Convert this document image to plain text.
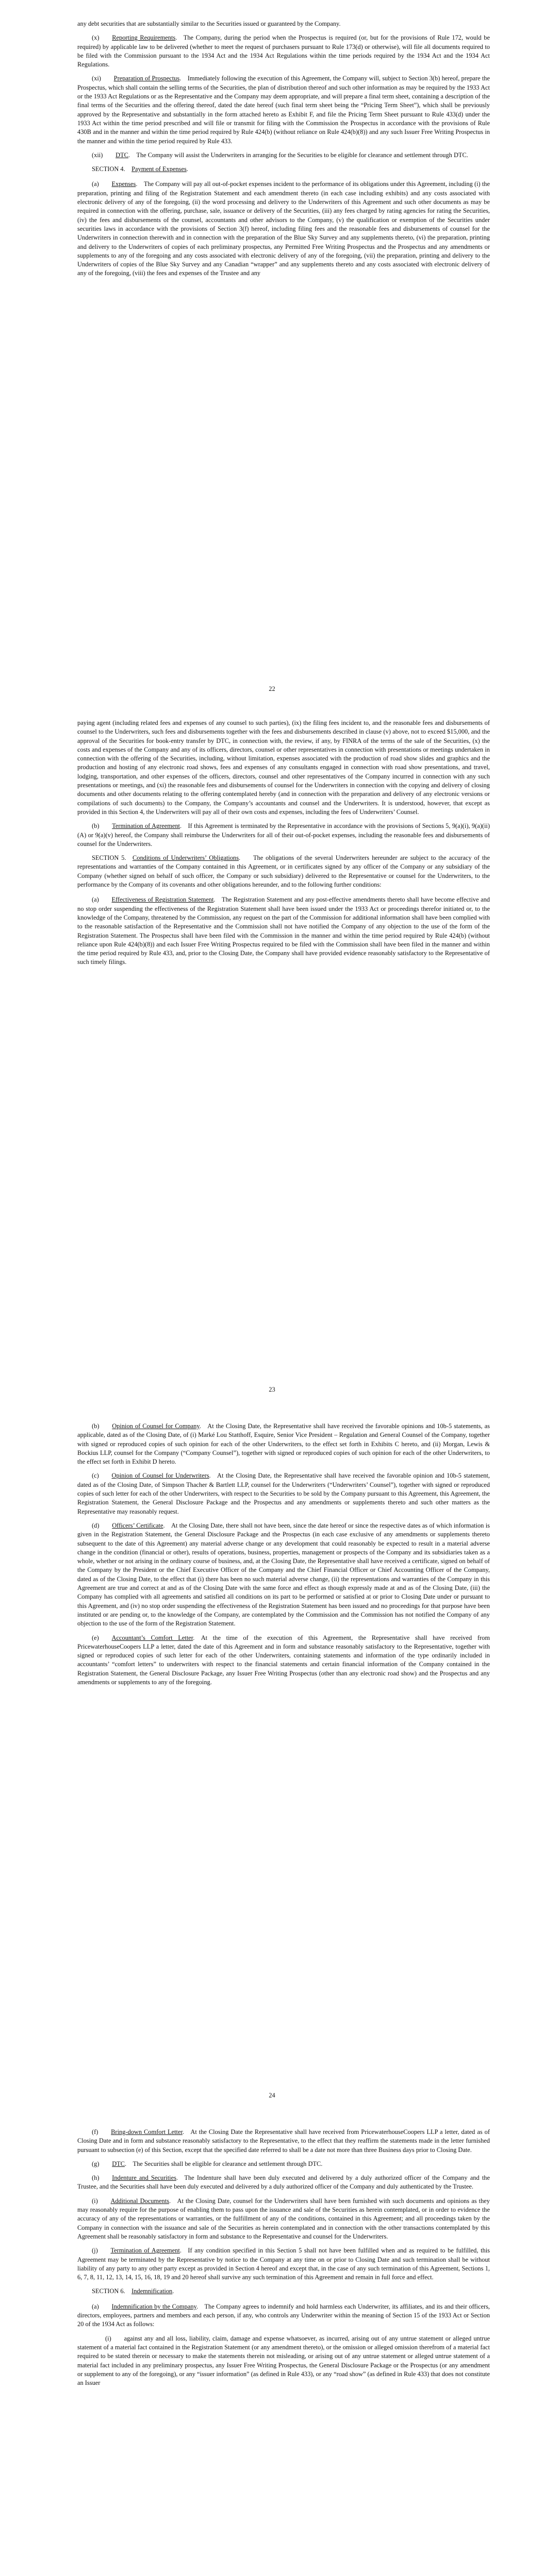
any debt securities that are substantially similar to the Securities issued or guaranteed by the Company.

(x)   Reporting Requirements. The Company, during the period when the Prospectus is required (or, but for the provisions of Rule 172, would be required) by applicable law to be delivered (whether to meet the request of purchasers pursuant to Rule 173(d) or otherwise), will file all documents required to be filed with the Commission pursuant to the 1934 Act and the 1934 Act Regulations within the time periods required by the 1934 Act and the 1934 Act Regulations.

(xi)   Preparation of Prospectus. Immediately following the execution of this Agreement, the Company will, subject to Section 3(b) hereof, prepare the Prospectus, which shall contain the selling terms of the Securities, the plan of distribution thereof and such other information as may be required by the 1933 Act or the 1933 Act Regulations or as the Representative and the Company may deem appropriate, and will prepare a final term sheet, containing a description of the final terms of the Securities and the offering thereof, dated the date hereof (such final term sheet being the “Pricing Term Sheet”), which shall be previously approved by the Representative and substantially in the form attached hereto as Exhibit F, and file the Pricing Term Sheet pursuant to Rule 433(d) under the 1933 Act within the time period prescribed and will file or transmit for filing with the Commission the Prospectus in accordance with the provisions of Rule 430B and in the manner and within the time period required by Rule 424(b) (without reliance on Rule 424(b)(8)) and any such Issuer Free Writing Prospectus in the manner and within the time period required by Rule 433.

(xii)   DTC. The Company will assist the Underwriters in arranging for the Securities to be eligible for clearance and settlement through DTC.

SECTION 4.  Payment of Expenses.

(a)   Expenses. The Company will pay all out-of-pocket expenses incident to the performance of its obligations under this Agreement, including (i) the preparation, printing and filing of the Registration Statement and each amendment thereto (in each case including exhibits) and any costs associated with electronic delivery of any of the foregoing, (ii) the word processing and delivery to the Underwriters of this Agreement and such other documents as may be required in connection with the offering, purchase, sale, issuance or delivery of the Securities, (iii) any fees charged by rating agencies for rating the Securities, (iv) the fees and disbursements of the counsel, accountants and other advisors to the Company, (v) the qualification or exemption of the Securities under securities laws in accordance with the provisions of Section 3(f) hereof, including filing fees and the reasonable fees and disbursements of counsel for the Underwriters in connection therewith and in connection with the preparation of the Blue Sky Survey and any supplements thereto, (vi) the preparation, printing and delivery to the Underwriters of copies of each preliminary prospectus, any Permitted Free Writing Prospectus and the Prospectus and any amendments or supplements to any of the foregoing and any costs associated with electronic delivery of any of the foregoing, (vii) the preparation, printing and delivery to the Underwriters of copies of the Blue Sky Survey and any Canadian “wrapper” and any supplements thereto and any costs associated with electronic delivery of any of the foregoing, (viii) the fees and expenses of the Trustee and any

22

paying agent (including related fees and expenses of any counsel to such parties), (ix) the filing fees incident to, and the reasonable fees and disbursements of counsel to the Underwriters, such fees and disbursements together with the fees and disbursements described in clause (v) above, not to exceed $15,000, and the approval of the Securities for book-entry transfer by DTC, in connection with, the review, if any, by FINRA of the terms of the sale of the Securities, (x) the costs and expenses of the Company and any of its officers, directors, counsel or other representatives in connection with presentations or meetings undertaken in connection with the offering of the Securities, including, without limitation, expenses associated with the production of road show slides and graphics and the production and hosting of any electronic road shows, fees and expenses of any consultants engaged in connection with road show presentations, and travel, lodging, transportation, and other expenses of the officers, directors, counsel and other representatives of the Company incurred in connection with any such presentations or meetings, and (xi) the reasonable fees and disbursements of counsel for the Underwriters in connection with the copying and delivery of closing documents and other documents relating to the offering contemplated hereby (and in connection with the preparation and delivery of any electronic versions or compilations of such documents) to the Company, the Company’s accountants and counsel and the Underwriters. It is understood, however, that except as provided in this Section 4, the Underwriters will pay all of their own costs and expenses, including the fees of Underwriters’ Counsel.

(b)   Termination of Agreement. If this Agreement is terminated by the Representative in accordance with the provisions of Sections 5, 9(a)(i), 9(a)(ii)(A) or 9(a)(v) hereof, the Company shall reimburse the Underwriters for all of their out-of-pocket expenses, including the reasonable fees and disbursements of counsel for the Underwriters.

SECTION 5.  Conditions of Underwriters’ Obligations.   The obligations of the several Underwriters hereunder are subject to the accuracy of the representations and warranties of the Company contained in this Agreement, or in certificates signed by any officer of the Company or any subsidiary of the Company (whether signed on behalf of such officer, the Company or such subsidiary) delivered to the Representative or counsel for the Underwriters, to the performance by the Company of its covenants and other obligations hereunder, and to the following further conditions:

(a)   Effectiveness of Registration Statement. The Registration Statement and any post-effective amendments thereto shall have become effective and no stop order suspending the effectiveness of the Registration Statement shall have been issued under the 1933 Act or proceedings therefor initiated or, to the knowledge of the Company, threatened by the Commission, any request on the part of the Commission for additional information shall have been complied with to the reasonable satisfaction of the Representative and the Commission shall not have notified the Company of any objection to the use of the form of the Registration Statement. The Prospectus shall have been filed with the Commission in the manner and within the time period required by Rule 424(b) (without reliance upon Rule 424(b)(8)) and each Issuer Free Writing Prospectus required to be filed with the Commission shall have been filed in the manner and within the time period required by Rule 433, and, prior to the Closing Date, the Company shall have provided evidence reasonably satisfactory to the Representative of such timely filings.

23

(b)   Opinion of Counsel for Company. At the Closing Date, the Representative shall have received the favorable opinions and 10b-5 statements, as applicable, dated as of the Closing Date, of (i) Marké Lou Statthoff, Esquire, Senior Vice President – Regulation and General Counsel of the Company, together with signed or reproduced copies of such opinion for each of the other Underwriters, to the effect set forth in Exhibits C hereto, and (ii) Morgan, Lewis & Bockius LLP, counsel for the Company (“Company Counsel”), together with signed or reproduced copies of such opinion for each of the other Underwriters, to the effect set forth in Exhibit D hereto.

(c)   Opinion of Counsel for Underwriters. At the Closing Date, the Representative shall have received the favorable opinion and 10b-5 statement, dated as of the Closing Date, of Simpson Thacher & Bartlett LLP, counsel for the Underwriters (“Underwriters’ Counsel”), together with signed or reproduced copies of such letter for each of the other Underwriters, with respect to the Securities to be sold by the Company pursuant to this Agreement, this Agreement, the Registration Statement, the General Disclosure Package and the Prospectus and any amendments or supplements thereto and such other matters as the Representative may reasonably request.

(d)   Officers’ Certificate. At the Closing Date, there shall not have been, since the date hereof or since the respective dates as of which information is given in the Registration Statement, the General Disclosure Package and the Prospectus (in each case exclusive of any amendments or supplements thereto subsequent to the date of this Agreement) any material adverse change or any development that could reasonably be expected to result in a material adverse change in the condition (financial or other), results of operations, business, properties, management or prospects of the Company and its subsidiaries taken as a whole, whether or not arising in the ordinary course of business, and, at the Closing Date, the Representative shall have received a certificate, signed on behalf of the Company by the President or the Chief Executive Officer of the Company and the Chief Financial Officer or Chief Accounting Officer of the Company, dated as of the Closing Date, to the effect that (i) there has been no such material adverse change, (ii) the representations and warranties of the Company in this Agreement are true and correct at and as of the Closing Date with the same force and effect as though expressly made at and as of the Closing Date, (iii) the Company has complied with all agreements and satisfied all conditions on its part to be performed or satisfied at or prior to Closing Date under or pursuant to this Agreement, and (iv) no stop order suspending the effectiveness of the Registration Statement has been issued and no proceedings for that purpose have been instituted or are pending or, to the knowledge of the Company, are contemplated by the Commission and the Commission has not notified the Company of any objection to the use of the form of the Registration Statement.

(e)   Accountant’s Comfort Letter. At the time of the execution of this Agreement, the Representative shall have received from PricewaterhouseCoopers LLP a letter, dated the date of this Agreement and in form and substance reasonably satisfactory to the Representative, together with signed or reproduced copies of such letter for each of the other Underwriters, containing statements and information of the type ordinarily included in accountants’ “comfort letters” to underwriters with respect to the financial statements and certain financial information of the Company contained in the Registration Statement, the General Disclosure Package, any Issuer Free Writing Prospectus (other than any electronic road show) and the Prospectus and any amendments or supplements to any of the foregoing.

24

(f)   Bring-down Comfort Letter. At the Closing Date the Representative shall have received from PricewaterhouseCoopers LLP a letter, dated as of Closing Date and in form and substance reasonably satisfactory to the Representative, to the effect that they reaffirm the statements made in the letter furnished pursuant to subsection (e) of this Section, except that the specified date referred to shall be a date not more than three Business days prior to Closing Date.

(g)   DTC. The Securities shall be eligible for clearance and settlement through DTC.

(h)   Indenture and Securities. The Indenture shall have been duly executed and delivered by a duly authorized officer of the Company and the Trustee, and the Securities shall have been duly executed and delivered by a duly authorized officer of the Company and duly authenticated by the Trustee.

(i)   Additional Documents. At the Closing Date, counsel for the Underwriters shall have been furnished with such documents and opinions as they may reasonably require for the purpose of enabling them to pass upon the issuance and sale of the Securities as herein contemplated, or in order to evidence the accuracy of any of the representations or warranties, or the fulfillment of any of the conditions, contained in this Agreement; and all proceedings taken by the Company in connection with the issuance and sale of the Securities as herein contemplated and in connection with the other transactions contemplated by this Agreement shall be reasonably satisfactory in form and substance to the Representative and counsel for the Underwriters.

(j)   Termination of Agreement. If any condition specified in this Section 5 shall not have been fulfilled when and as required to be fulfilled, this Agreement may be terminated by the Representative by notice to the Company at any time on or prior to Closing Date and such termination shall be without liability of any party to any other party except as provided in Section 4 hereof and except that, in the case of any such termination of this Agreement, Sections 1, 6, 7, 8, 11, 12, 13, 14, 15, 16, 18, 19 and 20 hereof shall survive any such termination of this Agreement and remain in full force and effect.

SECTION 6.  Indemnification.

(a)   Indemnification by the Company. The Company agrees to indemnify and hold harmless each Underwriter, its affiliates, and its and their officers, directors, employees, partners and members and each person, if any, who controls any Underwriter within the meaning of Section 15 of the 1933 Act or Section 20 of the 1934 Act as follows:

(i)   against any and all loss, liability, claim, damage and expense whatsoever, as incurred, arising out of any untrue statement or alleged untrue statement of a material fact contained in the Registration Statement (or any amendment thereto), or the omission or alleged omission therefrom of a material fact required to be stated therein or necessary to make the statements therein not misleading, or arising out of any untrue statement or alleged untrue statement of a material fact included in any preliminary prospectus, any Issuer Free Writing Prospectus, the General Disclosure Package or the Prospectus (or any amendment or supplement to any of the foregoing), or any “issuer information” (as defined in Rule 433), or any “road show” (as defined in Rule 433) that does not constitute an Issuer
